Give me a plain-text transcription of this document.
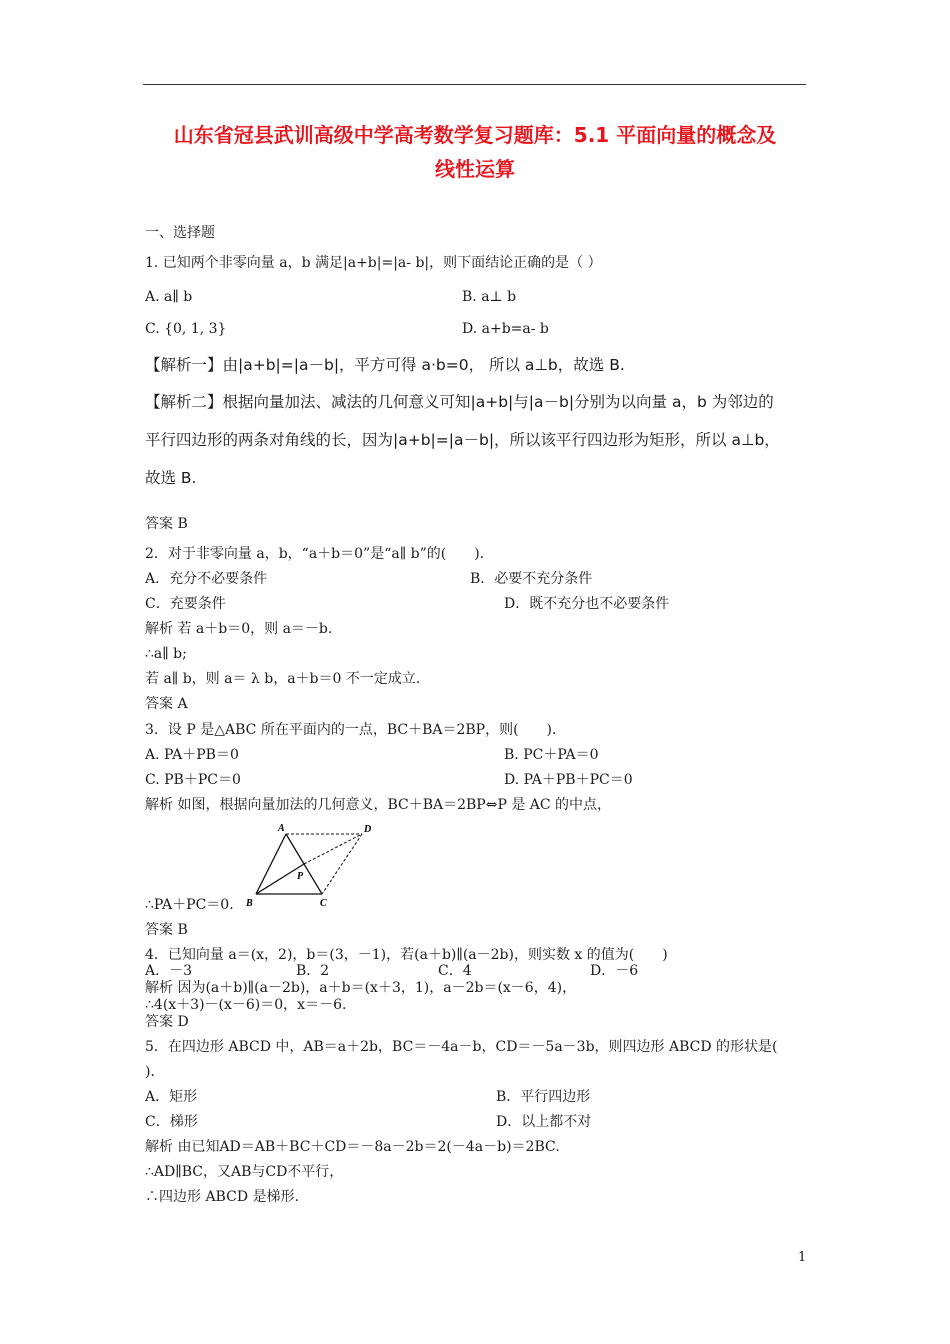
山东省冠县武训高级中学高考数学复习题库：5.1 平面向量的概念及
线性运算
一、选择题
1. 已知两个非零向量 a，b 满足|a+b|=|a- b|，则下面结论正确的是（ ）
A. a∥ b	B. a⊥ b
C. {0, 1, 3}	D. a+b=a- b
【解析一】由|a+b|=|a－b|，平方可得 a·b=0， 所以 a⊥b，故选 B.
【解析二】根据向量加法、减法的几何意义可知|a+b|与|a－b|分别为以向量 a，b 为邻边的
平行四边形的两条对角线的长，因为|a+b|=|a－b|，所以该平行四边形为矩形，所以 a⊥b，
故选 B.
答案 B
2．对于非零向量 a，b，“a＋b＝0”是“a∥ b”的(　　)．
A．充分不必要条件	B．必要不充分条件
C．充要条件	D．既不充分也不必要条件
解析 若 a＋b＝0，则 a＝－b.
∴a∥ b;
若 a∥ b，则 a＝ λ b，a＋b＝0 不一定成立.
答案 A
3．设 P 是△ABC 所在平面内的一点，BC＋BA＝2BP，则(　　)．
A. PA＋PB＝0	B. PC＋PA＝0
C. PB＋PC＝0	D. PA＋PB＋PC＝0
解析 如图，根据向量加法的几何意义，BC＋BA＝2BP⇔P 是 AC 的中点，
A	D
P
B	C
∴PA＋PC＝0.
答案 B
4．已知向量 a＝(x，2)，b＝(3，－1)，若(a＋b)∥(a－2b)，则实数 x 的值为(　　)
A．－3	B．2	C．4	D．－6
解析 因为(a＋b)∥(a－2b)，a＋b＝(x＋3，1)，a－2b＝(x－6，4)，
∴4(x＋3)－(x－6)＝0，x＝－6.
答案 D
5．在四边形 ABCD 中，AB＝a＋2b，BC＝－4a－b，CD＝－5a－3b，则四边形 ABCD 的形状是(
)．
A．矩形	B．平行四边形
C．梯形	D．以上都不对
解析 由已知AD＝AB＋BC＋CD＝－8a－2b＝2(－4a－b)＝2BC.
∴AD∥BC，又AB与CD不平行，
∴四边形 ABCD 是梯形.
1
